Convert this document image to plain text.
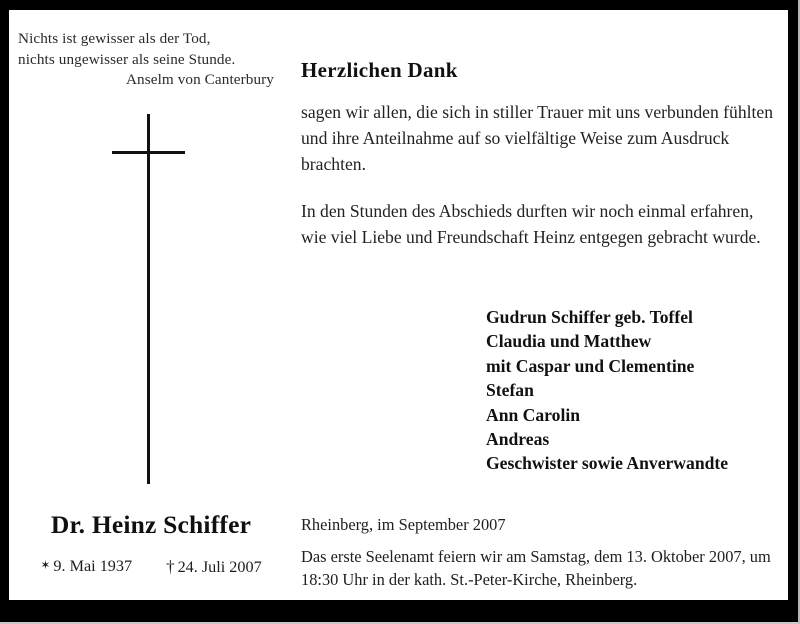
Nichts ist gewisser als der Tod,
nichts ungewisser als seine Stunde.
Anselm von Canterbury
Dr. Heinz Schiffer
✶ 9. Mai 1937 † 24. Juli 2007
Herzlichen Dank

sagen wir allen, die sich in stiller Trauer mit uns verbunden fühlten und ihre Anteilnahme auf so vielfältige Weise zum Ausdruck brachten.

In den Stunden des Abschieds durften wir noch einmal erfahren, wie viel Liebe und Freundschaft Heinz entgegen gebracht wurde.

Gudrun Schiffer geb. Toffel
Claudia und Matthew
mit Caspar und Clementine
Stefan
Ann Carolin
Andreas
Geschwister sowie Anverwandte
Rheinberg, im September 2007
Das erste Seelenamt feiern wir am Samstag, dem 13. Oktober 2007, um 18:30 Uhr in der kath. St.-Peter-Kirche, Rheinberg.
